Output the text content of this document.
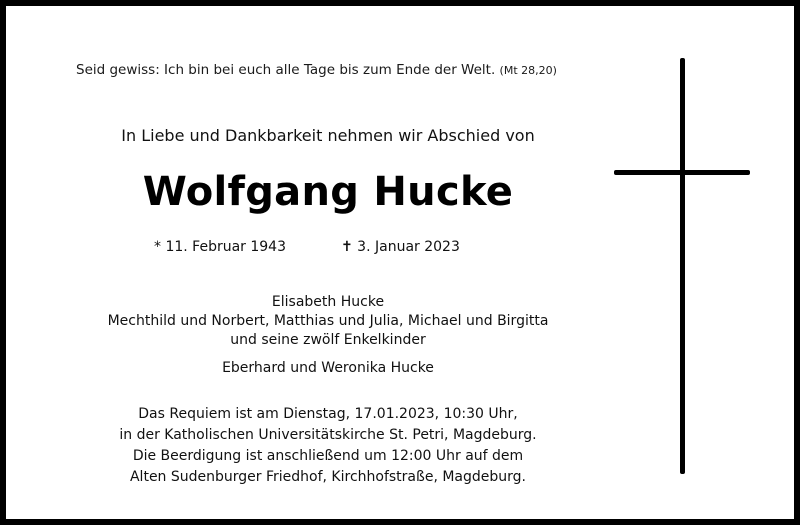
Seid gewiss: Ich bin bei euch alle Tage bis zum Ende der Welt. (Mt 28,20)
In Liebe und Dankbarkeit nehmen wir Abschied von
Wolfgang Hucke
* 11. Februar 1943	✝ 3. Januar 2023
Elisabeth Hucke
Mechthild und Norbert, Matthias und Julia, Michael und Birgitta
und seine zwölf Enkelkinder
Eberhard und Weronika Hucke
Das Requiem ist am Dienstag, 17.01.2023, 10:30 Uhr,
in der Katholischen Universitätskirche St. Petri, Magdeburg.
Die Beerdigung ist anschließend um 12:00 Uhr auf dem
Alten Sudenburger Friedhof, Kirchhofstraße, Magdeburg.
